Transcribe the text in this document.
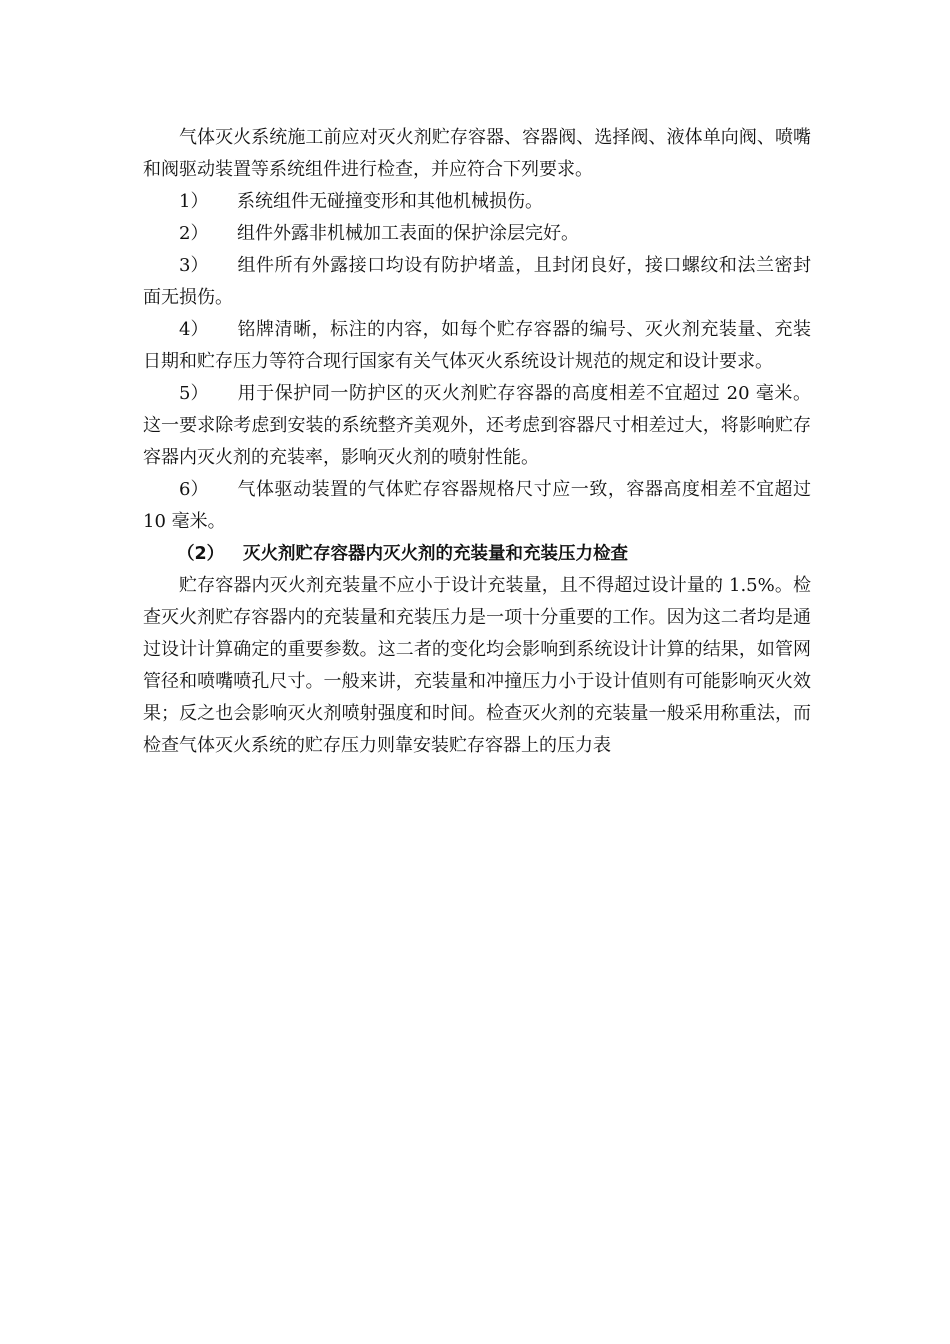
气体灭火系统施工前应对灭火剂贮存容器、容器阀、选择阀、液体单向阀、喷嘴和阀驱动装置等系统组件进行检查，并应符合下列要求。

1） 系统组件无碰撞变形和其他机械损伤。

2） 组件外露非机械加工表面的保护涂层完好。

3） 组件所有外露接口均设有防护堵盖，且封闭良好，接口螺纹和法兰密封面无损伤。

4） 铭牌清晰，标注的内容，如每个贮存容器的编号、灭火剂充装量、充装日期和贮存压力等符合现行国家有关气体灭火系统设计规范的规定和设计要求。

5） 用于保护同一防护区的灭火剂贮存容器的高度相差不宜超过 20 毫米。这一要求除考虑到安装的系统整齐美观外，还考虑到容器尺寸相差过大，将影响贮存容器内灭火剂的充装率，影响灭火剂的喷射性能。

6） 气体驱动装置的气体贮存容器规格尺寸应一致，容器高度相差不宜超过 10 毫米。

（2） 灭火剂贮存容器内灭火剂的充装量和充装压力检查

贮存容器内灭火剂充装量不应小于设计充装量，且不得超过设计量的 1.5%。检查灭火剂贮存容器内的充装量和充装压力是一项十分重要的工作。因为这二者均是通过设计计算确定的重要参数。这二者的变化均会影响到系统设计计算的结果，如管网管径和喷嘴喷孔尺寸。一般来讲，充装量和冲撞压力小于设计值则有可能影响灭火效果；反之也会影响灭火剂喷射强度和时间。检查灭火剂的充装量一般采用称重法，而检查气体灭火系统的贮存压力则靠安装贮存容器上的压力表
